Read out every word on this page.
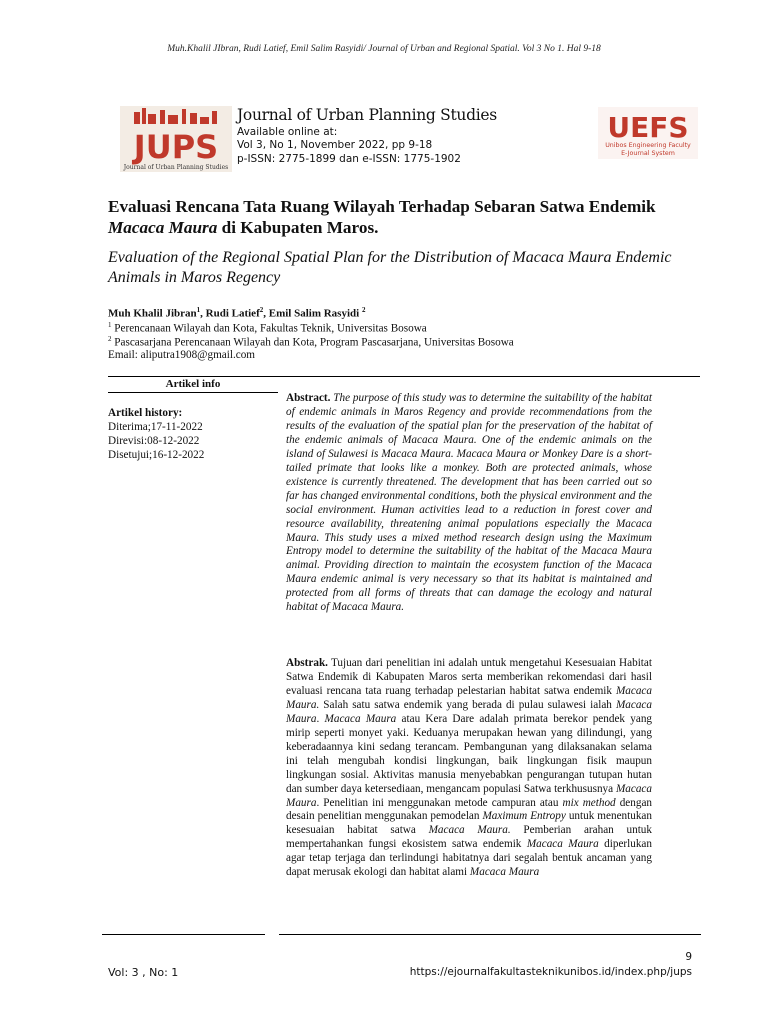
Muh.Khalil JIbran, Rudi Latief, Emil Salim Rasyidi/ Journal of Urban and Regional Spatial. Vol 3 No 1. Hal 9-18
JUPS
Journal of Urban Planning Studies
Journal of Urban Planning Studies
Available online at:
Vol 3, No 1, November 2022, pp 9-18
p-ISSN: 2775-1899 dan e-ISSN: 1775-1902
UEFS
Unibos Engineering Faculty
E-Journal System
Evaluasi Rencana Tata Ruang Wilayah Terhadap Sebaran Satwa Endemik
Macaca Maura di Kabupaten Maros.
Evaluation of the Regional Spatial Plan for the Distribution of Macaca Maura Endemic Animals in Maros Regency
Muh Khalil Jibran$^1$, Rudi Latief$^2$, Emil Salim Rasyidi $^2$
$^1$ Perencanaan Wilayah dan Kota, Fakultas Teknik, Universitas Bosowa
$^2$ Pascasarjana Perencanaan Wilayah dan Kota, Program Pascasarjana, Universitas Bosowa
Email: aliputra1908@gmail.com
Artikel info
Artikel history:
Diterima;17-11-2022
Direvisi:08-12-2022
Disetujui;16-12-2022
Abstract. The purpose of this study was to determine the suitability of the habitat of endemic animals in Maros Regency and provide recommendations from the results of the evaluation of the spatial plan for the preservation of the habitat of the endemic animals of Macaca Maura. One of the endemic animals on the island of Sulawesi is Macaca Maura. Macaca Maura or Monkey Dare is a short-tailed primate that looks like a monkey. Both are protected animals, whose existence is currently threatened. The development that has been carried out so far has changed environmental conditions, both the physical environment and the social environment. Human activities lead to a reduction in forest cover and resource availability, threatening animal populations especially the Macaca Maura. This study uses a mixed method research design using the Maximum Entropy model to determine the suitability of the habitat of the Macaca Maura animal. Providing direction to maintain the ecosystem function of the Macaca Maura endemic animal is very necessary so that its habitat is maintained and protected from all forms of threats that can damage the ecology and natural habitat of Macaca Maura.
Abstrak. Tujuan dari penelitian ini adalah untuk mengetahui Kesesuaian Habitat Satwa Endemik di Kabupaten Maros serta memberikan rekomendasi dari hasil evaluasi rencana tata ruang terhadap pelestarian habitat satwa endemik Macaca Maura. Salah satu satwa endemik yang berada di pulau sulawesi ialah Macaca Maura. Macaca Maura atau Kera Dare adalah primata berekor pendek yang mirip seperti monyet yaki. Keduanya merupakan hewan yang dilindungi, yang keberadaannya kini sedang terancam. Pembangunan yang dilaksanakan selama ini telah mengubah kondisi lingkungan, baik lingkungan fisik maupun lingkungan sosial. Aktivitas manusia menyebabkan pengurangan tutupan hutan dan sumber daya ketersediaan, mengancam populasi Satwa terkhususnya Macaca Maura. Penelitian ini menggunakan metode campuran atau mix method dengan desain penelitian menggunakan pemodelan Maximum Entropy untuk menentukan kesesuaian habitat satwa Macaca Maura. Pemberian arahan untuk mempertahankan fungsi ekosistem satwa endemik Macaca Maura diperlukan agar tetap terjaga dan terlindungi habitatnya dari segalah bentuk ancaman yang dapat merusak ekologi dan habitat alami Macaca Maura
9
Vol: 3 , No: 1	https://ejournalfakultasteknikunibos.id/index.php/jups
